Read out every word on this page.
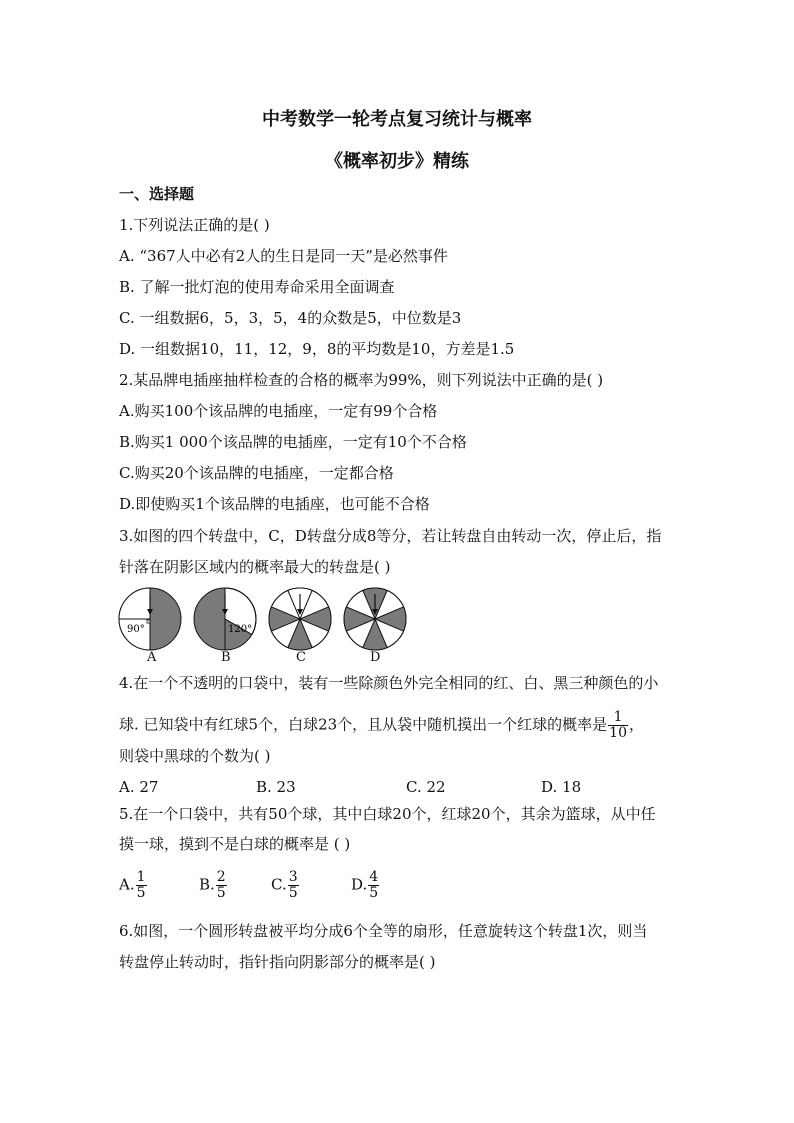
中考数学一轮考点复习统计与概率
《概率初步》精练
一、选择题
1.下列说法正确的是( )
A. “367人中必有2人的生日是同一天”是必然事件
B. 了解一批灯泡的使用寿命采用全面调查
C. 一组数据6，5，3，5，4的众数是5，中位数是3
D. 一组数据10，11，12，9，8的平均数是10，方差是1.5
2.某品牌电插座抽样检查的合格的概率为99%，则下列说法中正确的是( )
A.购买100个该品牌的电插座，一定有99个合格
B.购买1 000个该品牌的电插座，一定有10个不合格
C.购买20个该品牌的电插座，一定都合格
D.即使购买1个该品牌的电插座，也可能不合格
3.如图的四个转盘中，C，D转盘分成8等分，若让转盘自由转动一次，停止后，指
针落在阴影区域内的概率最大的转盘是( )
90°	120°
A	B	C	D
4.在一个不透明的口袋中，装有一些除颜色外完全相同的红、白、黑三种颜色的小
球. 已知袋中有红球5个，白球23个，且从袋中随机摸出一个红球的概率是 $\frac{1}{10}$ ，
则袋中黑球的个数为( )
A. 27	B. 23	C. 22	D. 18
5.在一个口袋中，共有50个球，其中白球20个，红球20个，其余为篮球，从中任
摸一球，摸到不是白球的概率是 ( )
A. $\frac{1}{5}$	B. $\frac{2}{5}$	C. $\frac{3}{5}$	D. $\frac{4}{5}$
6.如图，一个圆形转盘被平均分成6个全等的扇形，任意旋转这个转盘1次，则当
转盘停止转动时，指针指向阴影部分的概率是( )
